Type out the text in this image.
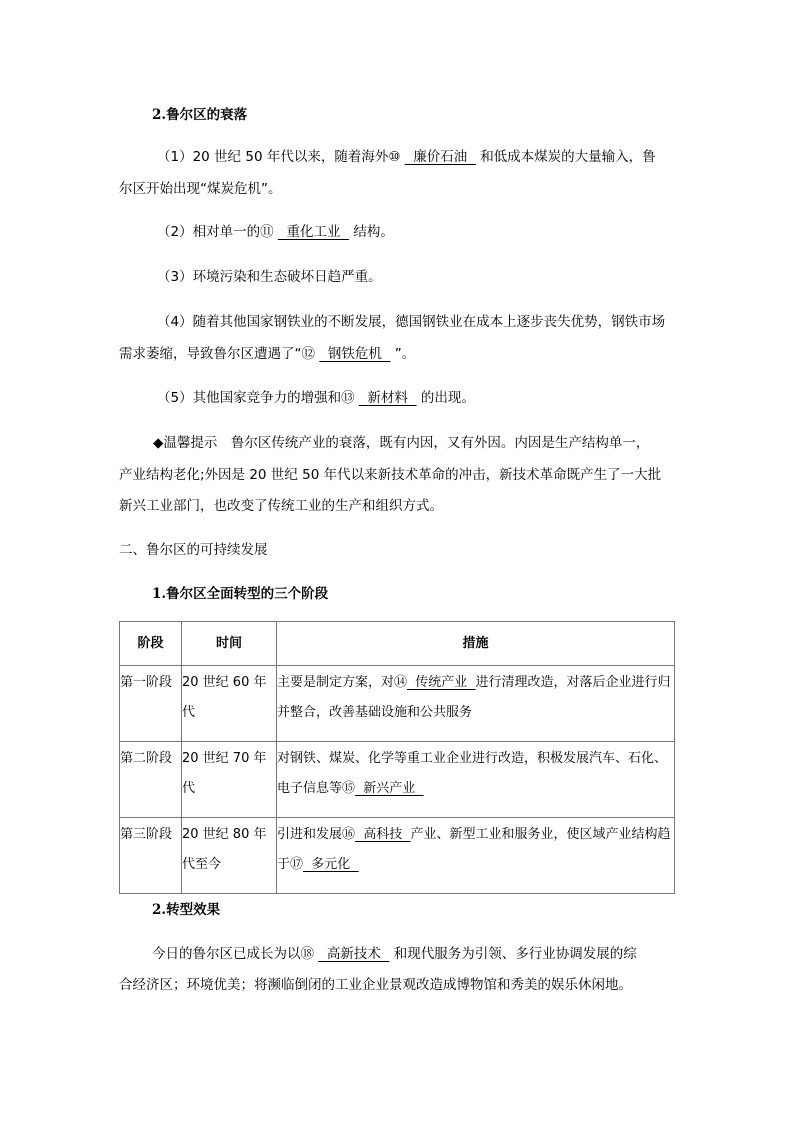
2.鲁尔区的衰落
（1）20 世纪 50 年代以来，随着海外⑩   廉价石油   和低成本煤炭的大量输入，鲁
尔区开始出现“煤炭危机”。
（2）相对单一的⑪   重化工业   结构。
（3）环境污染和生态破坏日趋严重。
（4）随着其他国家钢铁业的不断发展，德国钢铁业在成本上逐步丧失优势，钢铁市场
需求萎缩，导致鲁尔区遭遇了“⑫   钢铁危机   ”。
（5）其他国家竞争力的增强和⑬   新材料   的出现。
◆温馨提示　鲁尔区传统产业的衰落，既有内因，又有外因。内因是生产结构单一，
产业结构老化;外因是 20 世纪 50 年代以来新技术革命的冲击，新技术革命既产生了一大批
新兴工业部门，也改变了传统工业的生产和组织方式。
二、鲁尔区的可持续发展
1.鲁尔区全面转型的三个阶段
阶段	时间	措施
第一阶段	20 世纪 60 年代	主要是制定方案，对⑭  传统产业  进行清理改造，对落后企业进行归并整合，改善基础设施和公共服务
第二阶段	20 世纪 70 年代	对钢铁、煤炭、化学等重工业企业进行改造，积极发展汽车、石化、电子信息等⑮  新兴产业
第三阶段	20 世纪 80 年代至今	引进和发展⑯  高科技  产业、新型工业和服务业，使区域产业结构趋于⑰  多元化
2.转型效果
今日的鲁尔区已成长为以⑱   高新技术   和现代服务为引领、多行业协调发展的综
合经济区；环境优美；将濒临倒闭的工业企业景观改造成博物馆和秀美的娱乐休闲地。
